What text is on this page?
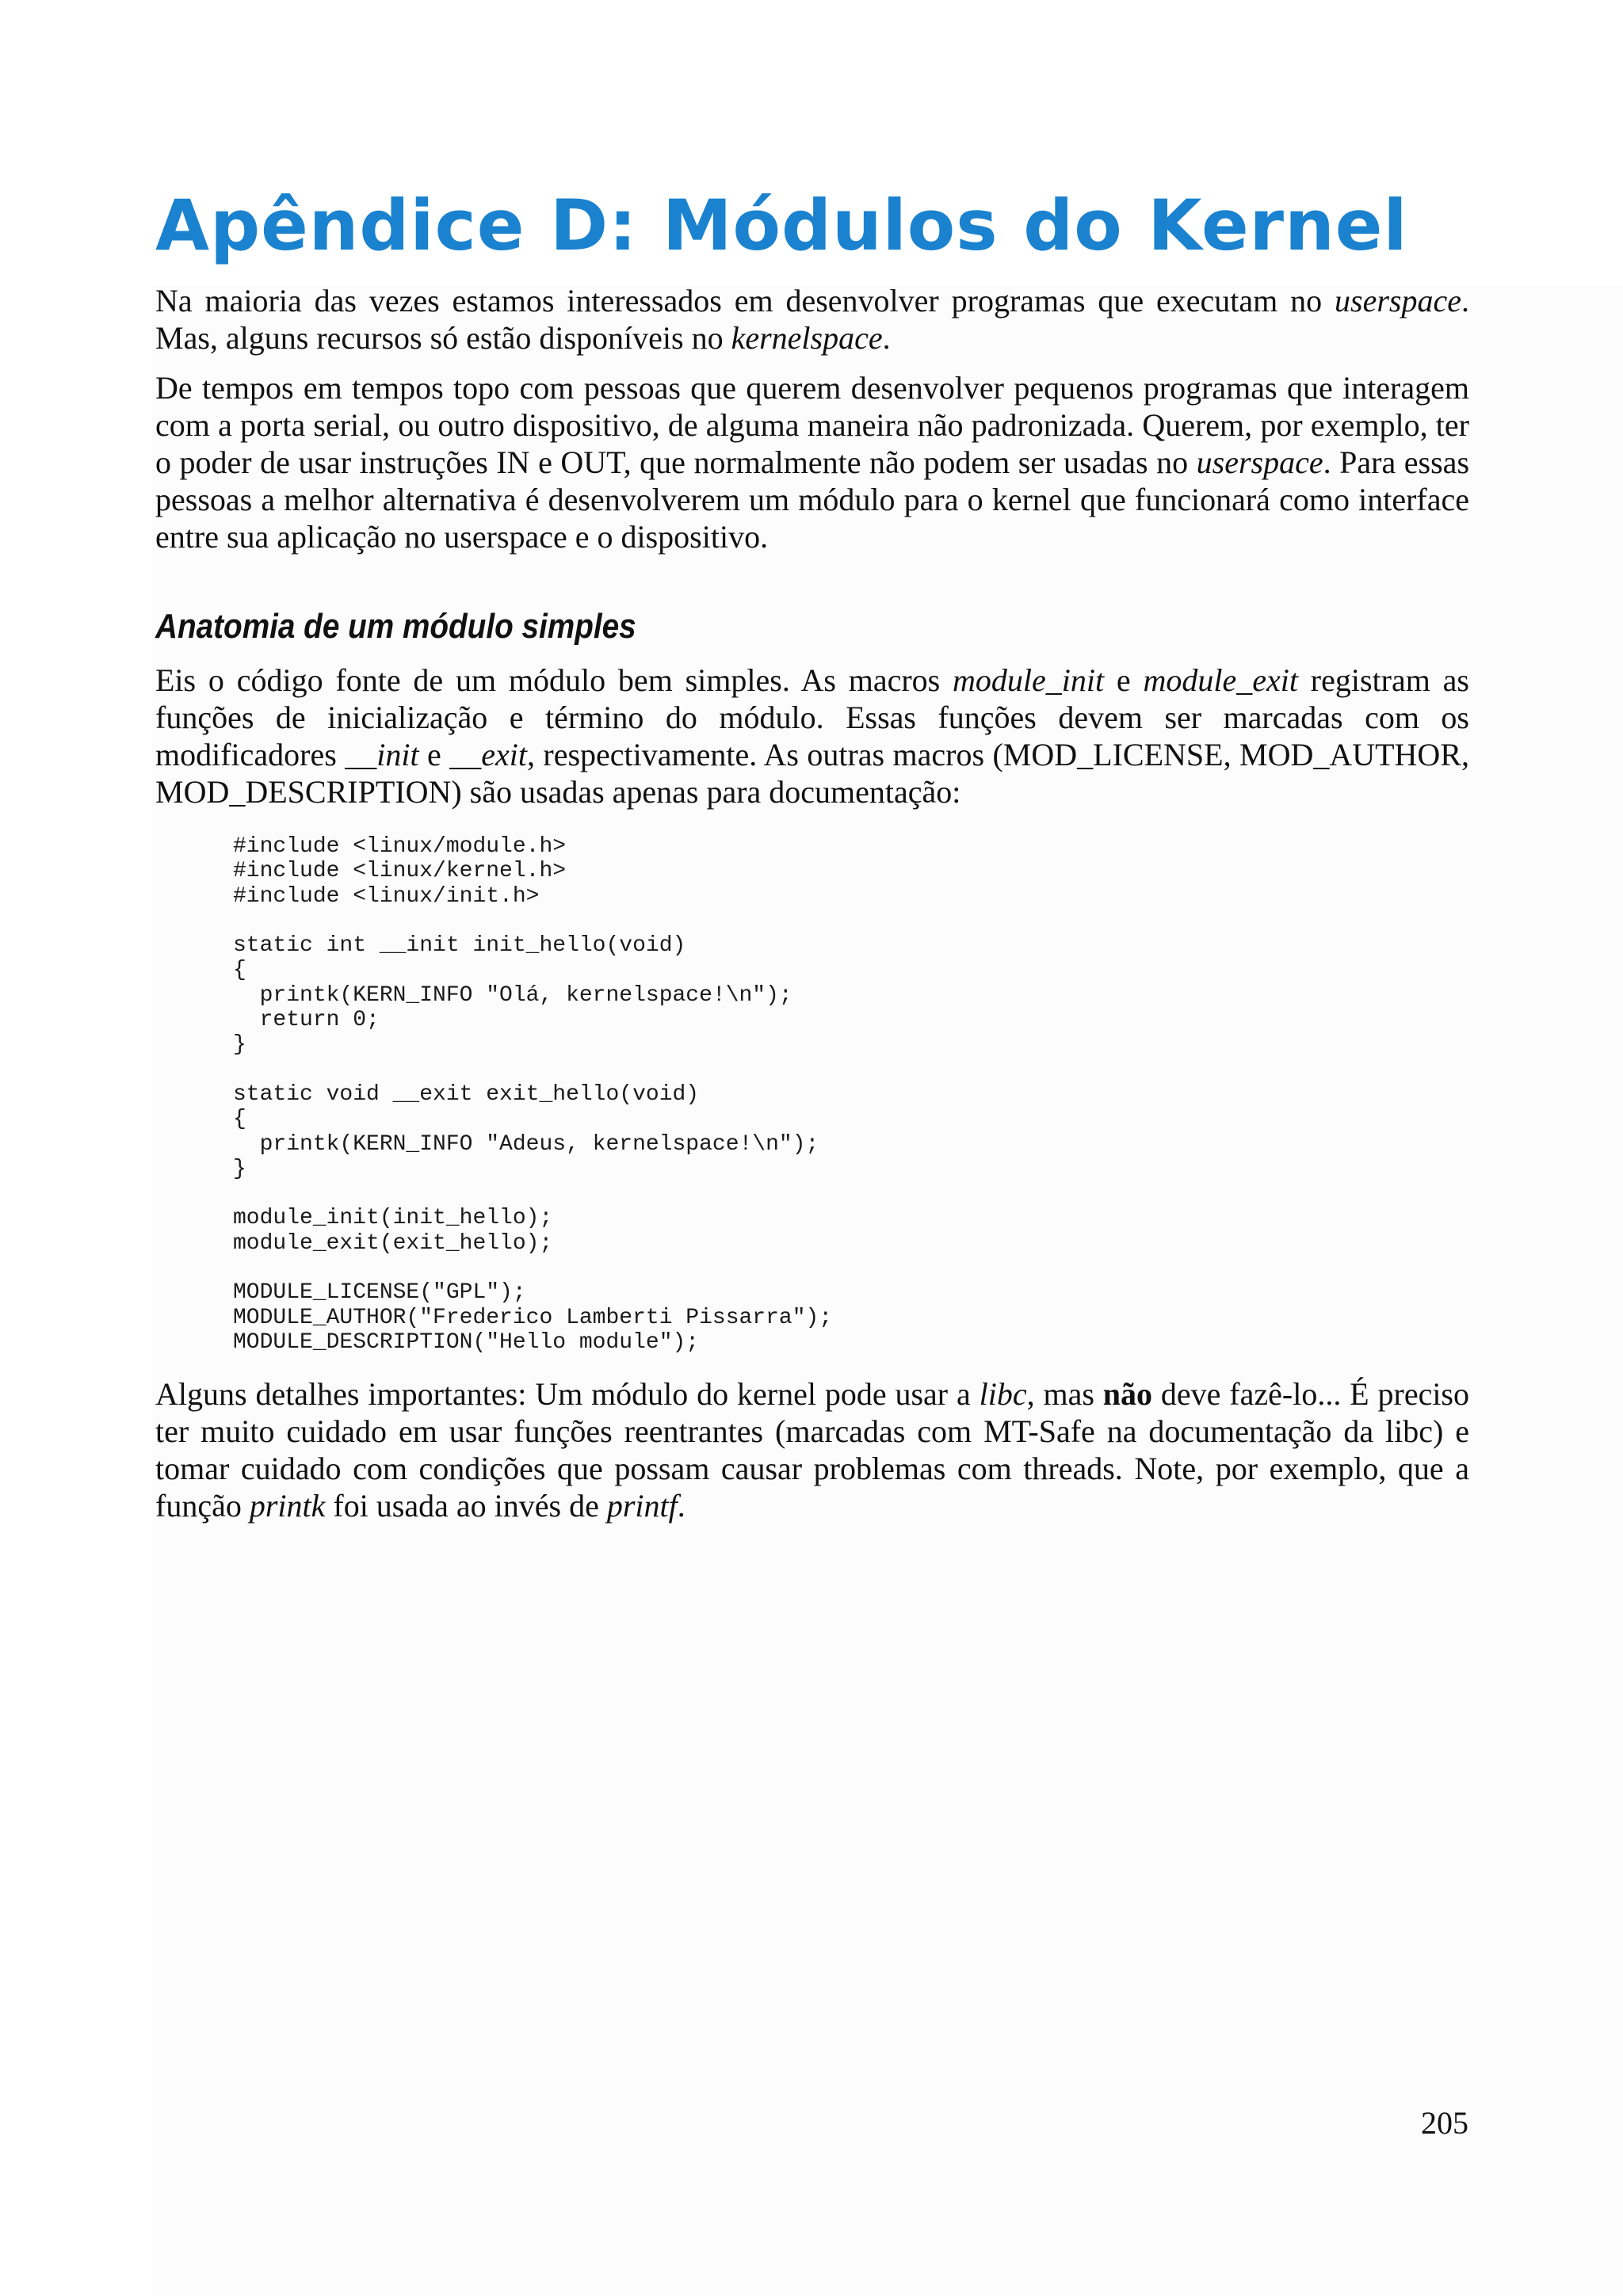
Apêndice D: Módulos do Kernel

Na maioria das vezes estamos interessados em desenvolver programas que executam no userspace. Mas, alguns recursos só estão disponíveis no kernelspace.

De tempos em tempos topo com pessoas que querem desenvolver pequenos programas que interagem com a porta serial, ou outro dispositivo, de alguma maneira não padronizada. Querem, por exemplo, ter o poder de usar instruções IN e OUT, que normalmente não podem ser usadas no userspace. Para essas pessoas a melhor alternativa é desenvolverem um módulo para o kernel que funcionará como interface entre sua aplicação no userspace e o dispositivo.

Anatomia de um módulo simples

Eis o código fonte de um módulo bem simples. As macros module_init e module_exit registram as funções de inicialização e término do módulo. Essas funções devem ser marcadas com os modificadores __init e __exit, respectivamente. As outras macros (MOD_LICENSE, MOD_AUTHOR, MOD_DESCRIPTION) são usadas apenas para documentação:

#include <linux/module.h>
#include <linux/kernel.h>
#include <linux/init.h>

static int __init init_hello(void)
{
printk(KERN_INFO "Olá, kernelspace!\n");
return 0;
}

static void __exit exit_hello(void)
{
printk(KERN_INFO "Adeus, kernelspace!\n");
}

module_init(init_hello);
module_exit(exit_hello);

MODULE_LICENSE("GPL");
MODULE_AUTHOR("Frederico Lamberti Pissarra");
MODULE_DESCRIPTION("Hello module");

Alguns detalhes importantes: Um módulo do kernel pode usar a libc, mas não deve fazê-lo... É preciso ter muito cuidado em usar funções reentrantes (marcadas com MT-Safe na documentação da libc) e tomar cuidado com condições que possam causar problemas com threads. Note, por exemplo, que a função printk foi usada ao invés de printf.

205
